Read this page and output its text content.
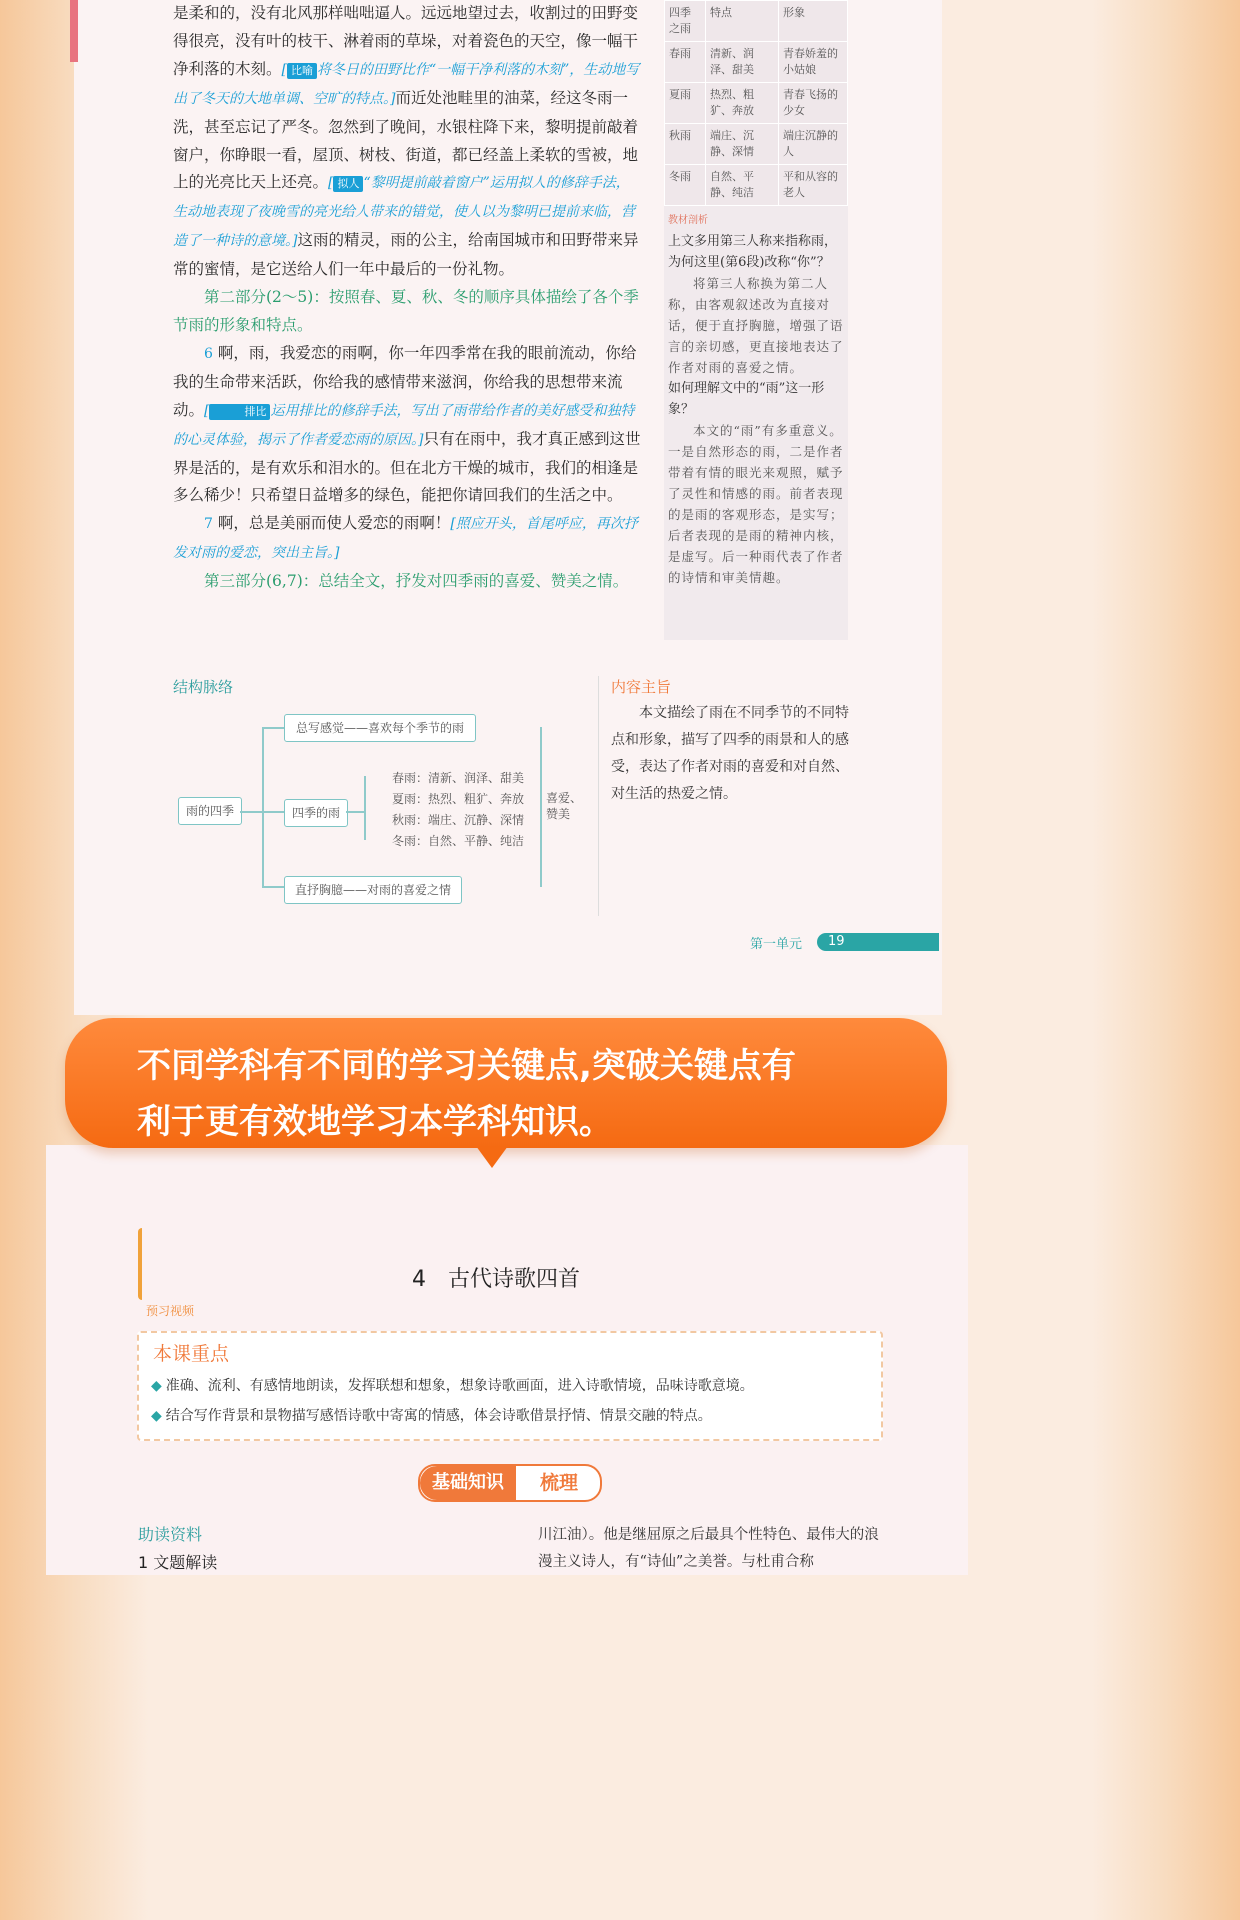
是柔和的，没有北风那样咄咄逼人。远远地望过去，收割过的田野变得很亮，没有叶的枝干、淋着雨的草垛，对着瓷色的天空，像一幅干净利落的木刻。[ 比喻 将冬日的田野比作“一幅干净利落的木刻”，生动地写出了冬天的大地单调、空旷的特点。]而近处池畦里的油菜，经这冬雨一洗，甚至忘记了严冬。忽然到了晚间，水银柱降下来，黎明提前敲着窗户，你睁眼一看，屋顶、树枝、街道，都已经盖上柔软的雪被，地上的光亮比天上还亮。[ 拟人 “黎明提前敲着窗户”运用拟人的修辞手法，生动地表现了夜晚雪的亮光给人带来的错觉，使人以为黎明已提前来临，营造了一种诗的意境。]这雨的精灵，雨的公主，给南国城市和田野带来异常的蜜情，是它送给人们一年中最后的一份礼物。

第二部分(2～5)：按照春、夏、秋、冬的顺序具体描绘了各个季节雨的形象和特点。

6 啊，雨，我爱恋的雨啊，你一年四季常在我的眼前流动，你给我的生命带来活跃，你给我的感情带来滋润，你给我的思想带来流动。[	排比 运用排比的修辞手法，写出了雨带给作者的美好感受和独特的心灵体验，揭示了作者爱恋雨的原因。]只有在雨中，我才真正感到这世界是活的，是有欢乐和泪水的。但在北方干燥的城市，我们的相逢是多么稀少！只希望日益增多的绿色，能把你请回我们的生活之中。

7 啊，总是美丽而使人爱恋的雨啊！[照应开头，首尾呼应，再次抒发对雨的爱恋，突出主旨。]

第三部分(6,7)：总结全文，抒发对四季雨的喜爱、赞美之情。

四季之雨	特点	形象
春雨	清新、润泽、甜美	青春娇羞的小姑娘
夏雨	热烈、粗犷、奔放	青春飞扬的少女
秋雨	端庄、沉静、深情	端庄沉静的人
冬雨	自然、平静、纯洁	平和从容的老人
教材剖析
上文多用第三人称来指称雨，为何这里(第6段)改称“你”？
将第三人称换为第二人称，由客观叙述改为直接对话，便于直抒胸臆，增强了语言的亲切感，更直接地表达了作者对雨的喜爱之情。
如何理解文中的“雨”这一形象？
本文的“雨”有多重意义。一是自然形态的雨，二是作者带着有情的眼光来观照，赋予了灵性和情感的雨。前者表现的是雨的客观形态，是实写；后者表现的是雨的精神内核，是虚写。后一种雨代表了作者的诗情和审美情趣。
结构脉络
雨的四季
总写感觉——喜欢每个季节的雨
四季的雨
直抒胸臆——对雨的喜爱之情
春雨：清新、润泽、甜美
夏雨：热烈、粗犷、奔放
秋雨：端庄、沉静、深情
冬雨：自然、平静、纯洁
喜爱、赞美
内容主旨
本文描绘了雨在不同季节的不同特点和形象，描写了四季的雨景和人的感受，表达了作者对雨的喜爱和对自然、对生活的热爱之情。
第一单元 19
不同学科有不同的学习关键点,突破关键点有
利于更有效地学习本学科知识。
预习视频
4　古代诗歌四首
本课重点
◆ 准确、流利、有感情地朗读，发挥联想和想象，想象诗歌画面，进入诗歌情境，品味诗歌意境。
◆ 结合写作背景和景物描写感悟诗歌中寄寓的情感，体会诗歌借景抒情、情景交融的特点。
基础知识	梳理
助读资料
1 文题解读
川江油）。他是继屈原之后最具个性特色、最伟大的浪漫主义诗人，有“诗仙”之美誉。与杜甫合称
